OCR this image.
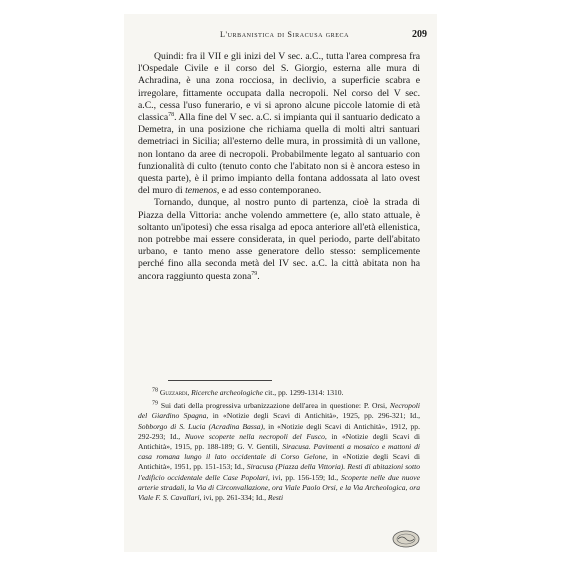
L'urbanistica di Siracusa greca	209

Quindi: fra il VII e gli inizi del V sec. a.C., tutta l'area compresa fra l'Ospedale Civile e il corso del S. Giorgio, esterna alle mura di Achradina, è una zona rocciosa, in declivio, a superficie scabra e irregolare, fittamente occupata dalla necropoli. Nel corso del V sec. a.C., cessa l'uso funerario, e vi si aprono alcune piccole latomie di età classica$^{78}$. Alla fine del V sec. a.C. si impianta qui il santuario dedicato a Demetra, in una posizione che richiama quella di molti altri santuari demetriaci in Sicilia; all'esterno delle mura, in prossimità di un vallone, non lontano da aree di necropoli. Probabilmente legato al santuario con funzionalità di culto (tenuto conto che l'abitato non si è ancora esteso in questa parte), è il primo impianto della fontana addossata al lato ovest del muro di temenos, e ad esso contemporaneo.

Tornando, dunque, al nostro punto di partenza, cioè la strada di Piazza della Vittoria: anche volendo ammettere (e, allo stato attuale, è soltanto un'ipotesi) che essa risalga ad epoca anteriore all'età ellenistica, non potrebbe mai essere considerata, in quel periodo, parte dell'abitato urbano, e tanto meno asse generatore dello stesso: semplicemente perché fino alla seconda metà del IV sec. a.C. la città abitata non ha ancora raggiunto questa zona$^{79}$.

$^{78}$ Guzzardi, Ricerche archeologiche cit., pp. 1299-1314: 1310.

$^{79}$ Sui dati della progressiva urbanizzazione dell'area in questione: P. Orsi, Necropoli del Giardino Spagna, in «Notizie degli Scavi di Antichità», 1925, pp. 296-321; Id., Sobborgo di S. Lucia (Acradina Bassa), in «Notizie degli Scavi di Antichità», 1912, pp. 292-293; Id., Nuove scoperte nella necropoli del Fusco, in «Notizie degli Scavi di Antichità», 1915, pp. 188-189; G. V. Gentili, Siracusa. Pavimenti a mosaico e mattoni di casa romana lungo il lato occidentale di Corso Gelone, in «Notizie degli Scavi di Antichità», 1951, pp. 151-153; Id., Siracusa (Piazza della Vittoria). Resti di abitazioni sotto l'edificio occidentale delle Case Popolari, ivi, pp. 156-159; Id., Scoperte nelle due nuove arterie stradali, la Via di Circonvallazione, ora Viale Paolo Orsi, e la Via Archeologica, ora Viale F. S. Cavallari, ivi, pp. 261-334; Id., Resti
